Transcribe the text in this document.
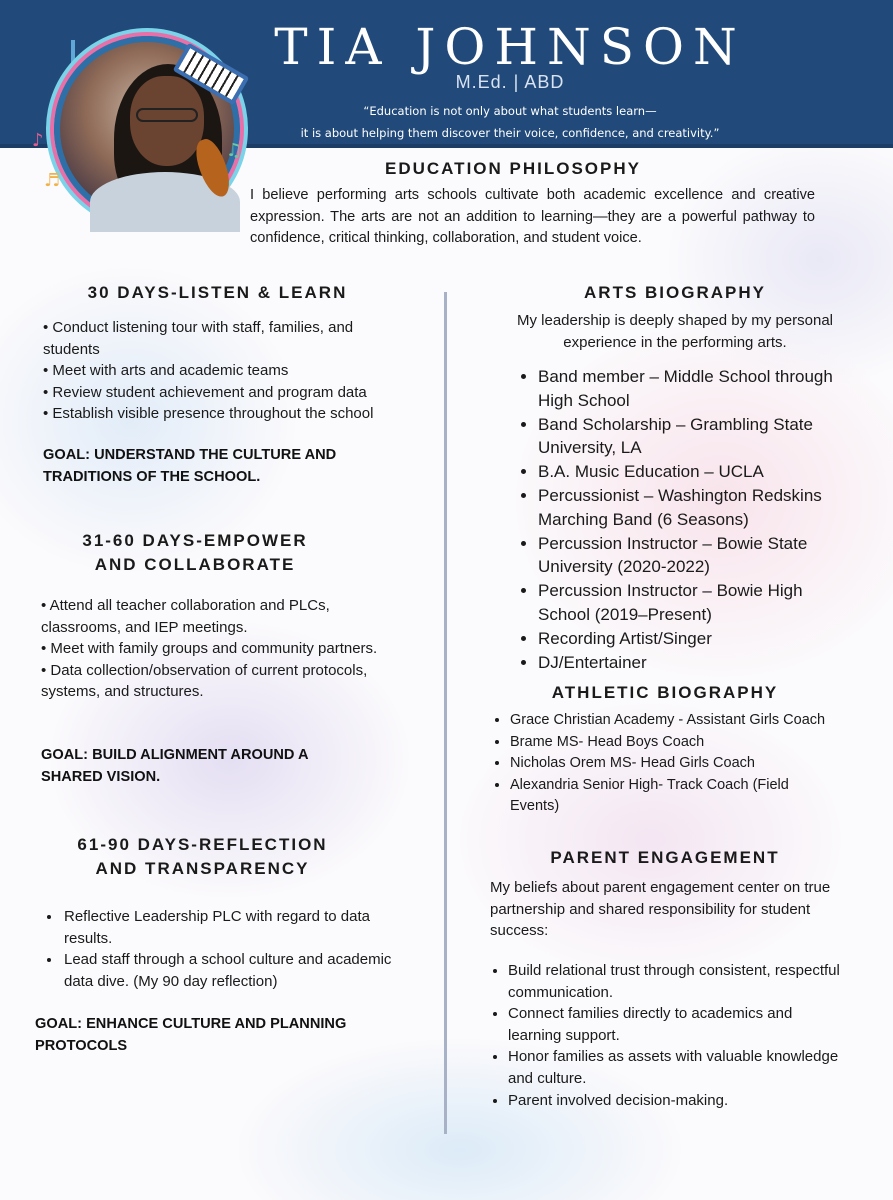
TIA JOHNSON
M.Ed. | ABD
“Education is not only about what students learn—
it is about helping them discover their voice, confidence, and creativity.”
♫
♪
♬
EDUCATION PHILOSOPHY
I believe performing arts schools cultivate both academic excellence and creative expression. The arts are not an addition to learning—they are a powerful pathway to confidence, critical thinking, collaboration, and student voice.
30 DAYS-LISTEN & LEARN
• Conduct listening tour with staff, families, and students
• Meet with arts and academic teams
• Review student achievement and program data
• Establish visible presence throughout the school
GOAL: UNDERSTAND THE CULTURE AND TRADITIONS OF THE SCHOOL.
31-60 DAYS-EMPOWER
AND COLLABORATE
• Attend all teacher collaboration and PLCs, classrooms, and IEP meetings.
• Meet with family groups and community partners.
• Data collection/observation of current protocols, systems, and structures.
GOAL: BUILD ALIGNMENT AROUND A SHARED VISION.
61-90 DAYS-REFLECTION
AND TRANSPARENCY
• Reflective Leadership PLC with regard to data results.
• Lead staff through a school culture and academic data dive. (My 90 day reflection)
GOAL: ENHANCE CULTURE AND PLANNING PROTOCOLS
ARTS BIOGRAPHY
My leadership is deeply shaped by my personal experience in the performing arts.
• Band member – Middle School through High School
• Band Scholarship – Grambling State University, LA
• B.A. Music Education – UCLA
• Percussionist – Washington Redskins Marching Band (6 Seasons)
• Percussion Instructor – Bowie State University (2020-2022)
• Percussion Instructor – Bowie High School (2019–Present)
• Recording Artist/Singer
• DJ/Entertainer
ATHLETIC BIOGRAPHY
• Grace Christian Academy - Assistant Girls Coach
• Brame MS- Head Boys Coach
• Nicholas Orem MS- Head Girls Coach
• Alexandria Senior High- Track Coach (Field Events)
PARENT ENGAGEMENT
My beliefs about parent engagement center on true partnership and shared responsibility for student success:
• Build relational trust through consistent, respectful communication.
• Connect families directly to academics and learning support.
• Honor families as assets with valuable knowledge and culture.
• Parent involved decision-making.
